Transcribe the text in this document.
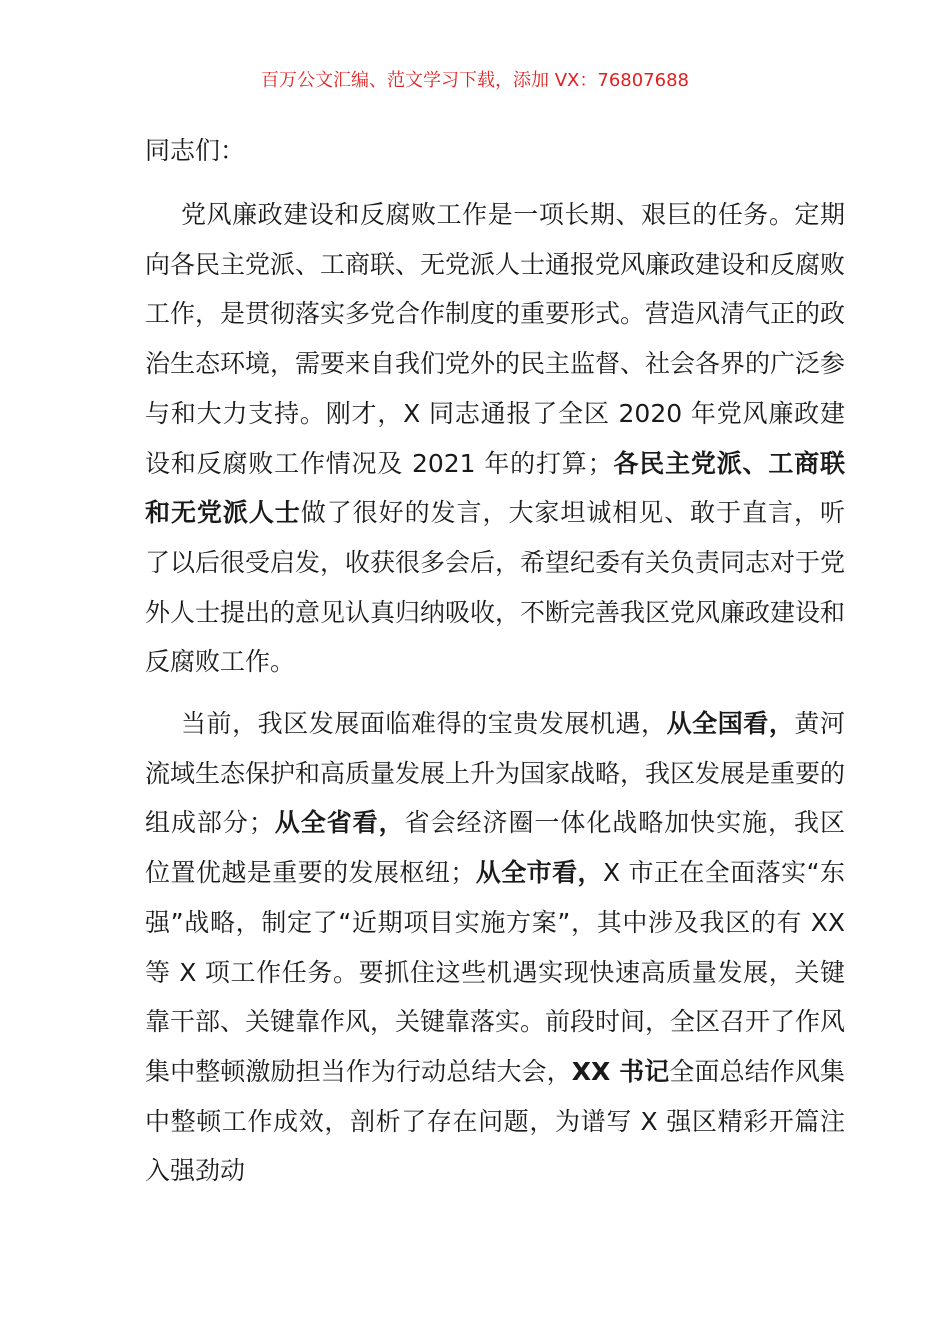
百万公文汇编、范文学习下载，添加 VX：76807688
同志们：

党风廉政建设和反腐败工作是一项长期、艰巨的任务。定期向各民主党派、工商联、无党派人士通报党风廉政建设和反腐败工作，是贯彻落实多党合作制度的重要形式。营造风清气正的政治生态环境，需要来自我们党外的民主监督、社会各界的广泛参与和大力支持。刚才，X 同志通报了全区 2020 年党风廉政建设和反腐败工作情况及 2021 年的打算；各民主党派、工商联和无党派人士做了很好的发言，大家坦诚相见、敢于直言，听了以后很受启发，收获很多会后，希望纪委有关负责同志对于党外人士提出的意见认真归纳吸收，不断完善我区党风廉政建设和反腐败工作。

当前，我区发展面临难得的宝贵发展机遇，从全国看，黄河流域生态保护和高质量发展上升为国家战略，我区发展是重要的组成部分；从全省看，省会经济圈一体化战略加快实施，我区位置优越是重要的发展枢纽；从全市看，X 市正在全面落实“东强”战略，制定了“近期项目实施方案”，其中涉及我区的有 XX 等 X 项工作任务。要抓住这些机遇实现快速高质量发展，关键靠干部、关键靠作风，关键靠落实。前段时间，全区召开了作风集中整顿激励担当作为行动总结大会，XX 书记全面总结作风集中整顿工作成效，剖析了存在问题，为谱写 X 强区精彩开篇注入强劲动
